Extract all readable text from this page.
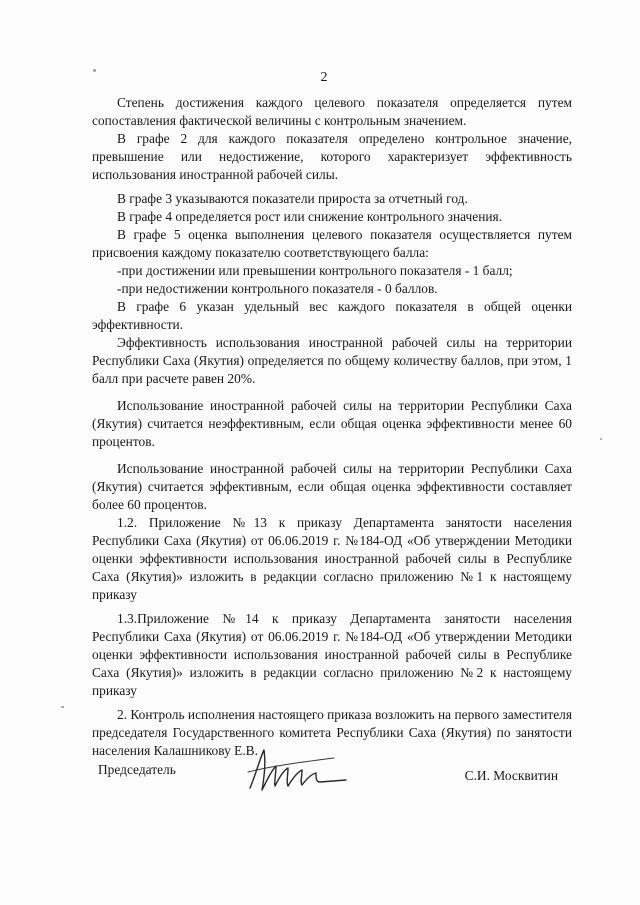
2

Степень достижения каждого целевого показателя определяется путем сопоставления фактической величины с контрольным значением.

В графе 2 для каждого показателя определено контрольное значение, превышение или недостижение, которого характеризует эффективность использования иностранной рабочей силы.

В графе 3 указываются показатели прироста за отчетный год.

В графе 4 определяется рост или снижение контрольного значения.

В графе 5 оценка выполнения целевого показателя осуществляется путем присвоения каждому показателю соответствующего балла:

-при достижении или превышении контрольного показателя - 1 балл;

-при недостижении контрольного показателя - 0 баллов.

В графе 6 указан удельный вес каждого показателя в общей оценки эффективности.

Эффективность использования иностранной рабочей силы на территории Республики Саха (Якутия) определяется по общему количеству баллов, при этом, 1 балл при расчете равен 20%.

Использование иностранной рабочей силы на территории Республики Саха (Якутия) считается неэффективным, если общая оценка эффективности менее 60 процентов.

Использование иностранной рабочей силы на территории Республики Саха (Якутия) считается эффективным, если общая оценка эффективности составляет более 60 процентов.

1.2. Приложение №13 к приказу Департамента занятости населения Республики Саха (Якутия) от 06.06.2019 г. №184-ОД «Об утверждении Методики оценки эффективности использования иностранной рабочей силы в Республике Саха (Якутия)» изложить в редакции согласно приложению №1 к настоящему приказу

1.3.Приложение №14 к приказу Департамента занятости населения Республики Саха (Якутия) от 06.06.2019 г. №184-ОД «Об утверждении Методики оценки эффективности использования иностранной рабочей силы в Республике Саха (Якутия)» изложить в редакции согласно приложению №2 к настоящему приказу

2. Контроль исполнения настоящего приказа возложить на первого заместителя председателя Государственного комитета Республики Саха (Якутия) по занятости населения Калашникову Е.В.

Председатель	С.И. Москвитин
